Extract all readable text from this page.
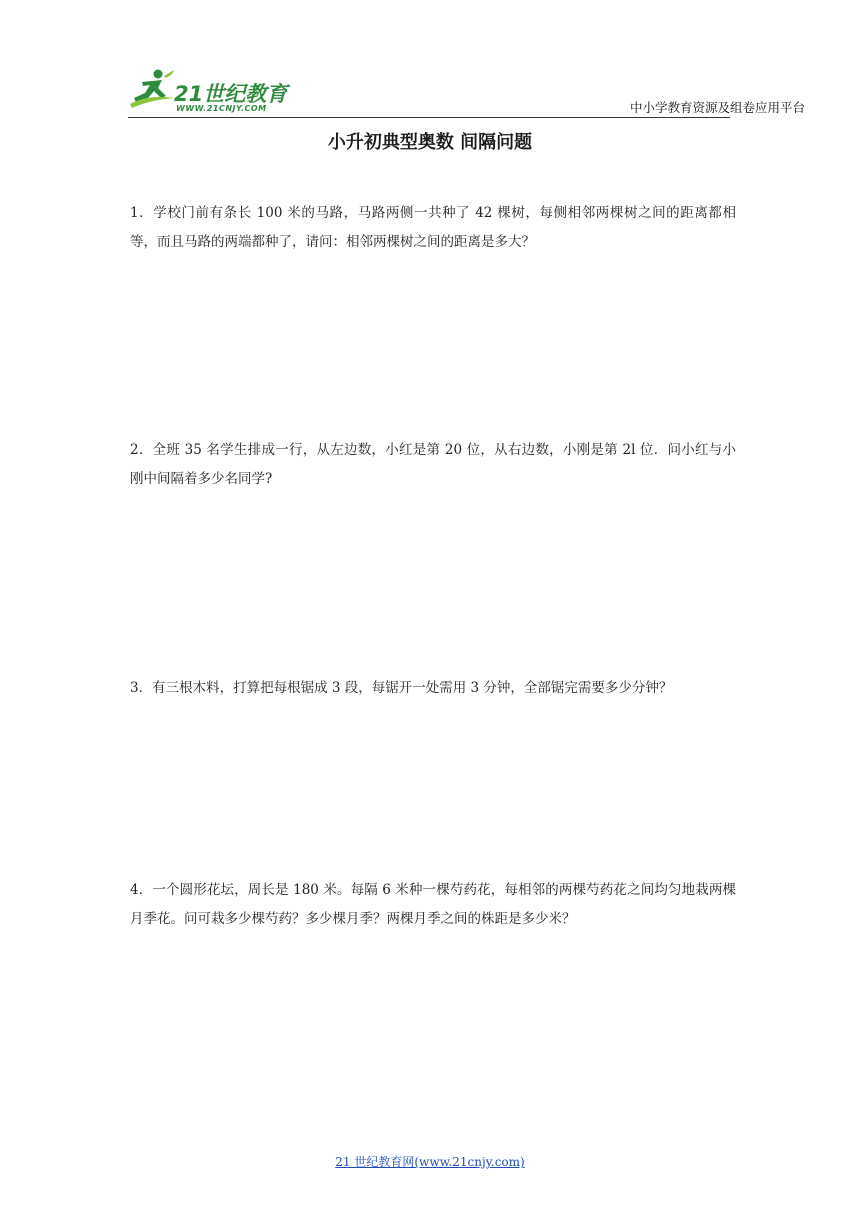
21世纪教育
WWW.21CNJY.COM	中小学教育资源及组卷应用平台
小升初典型奥数 间隔问题
1．学校门前有条长 100 米的马路，马路两侧一共种了 42 棵树，每侧相邻两棵树之间的距离都相等，而且马路的两端都种了，请问：相邻两棵树之间的距离是多大？
2．全班 35 名学生排成一行，从左边数，小红是第 20 位，从右边数，小刚是第 2l 位．问小红与小刚中间隔着多少名同学?
3．有三根木料，打算把每根锯成 3 段，每锯开一处需用 3 分钟，全部锯完需要多少分钟？
4．一个圆形花坛，周长是 180 米。每隔 6 米种一棵芍药花，每相邻的两棵芍药花之间均匀地栽两棵月季花。问可栽多少棵芍药？多少棵月季？两棵月季之间的株距是多少米？
21 世纪教育网(www.21cnjy.com)
